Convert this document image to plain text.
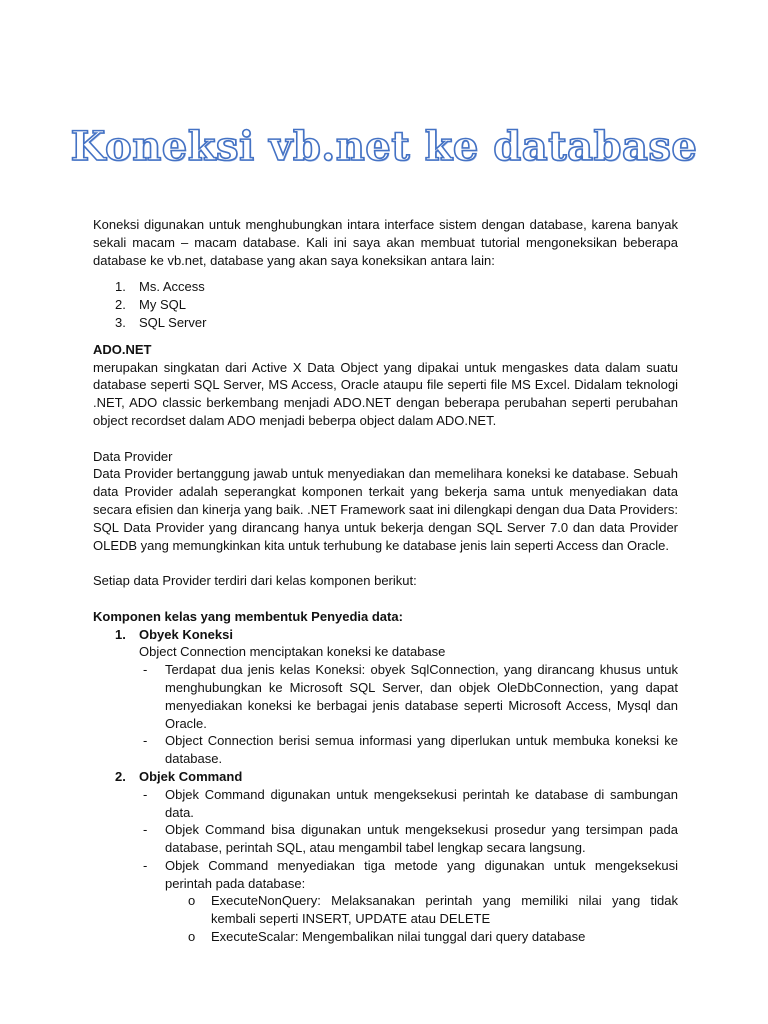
Koneksi vb.net ke database

Koneksi digunakan untuk menghubungkan intara interface sistem dengan database, karena banyak sekali macam – macam database. Kali ini saya akan membuat tutorial mengoneksikan beberapa database ke vb.net, database yang akan saya koneksikan antara lain:

1. Ms. Access
2. My SQL
3. SQL Server
ADO.NET

merupakan singkatan dari Active X Data Object yang dipakai untuk mengaskes data dalam suatu database seperti SQL Server, MS Access, Oracle ataupu file seperti file MS Excel. Didalam teknologi .NET, ADO classic berkembang menjadi ADO.NET dengan beberapa perubahan seperti perubahan object recordset dalam ADO menjadi beberpa object dalam ADO.NET.

Data Provider

Data Provider bertanggung jawab untuk menyediakan dan memelihara koneksi ke database. Sebuah data Provider adalah seperangkat komponen terkait yang bekerja sama untuk menyediakan data secara efisien dan kinerja yang baik. .NET Framework saat ini dilengkapi dengan dua Data Providers: SQL Data Provider yang dirancang hanya untuk bekerja dengan SQL Server 7.0 dan data Provider OLEDB yang memungkinkan kita untuk terhubung ke database jenis lain seperti Access dan Oracle.

Setiap data Provider terdiri dari kelas komponen berikut:

Komponen kelas yang membentuk Penyedia data:
1. Obyek Koneksi
Object Connection menciptakan koneksi ke database
- Terdapat dua jenis kelas Koneksi: obyek SqlConnection, yang dirancang khusus untuk menghubungkan ke Microsoft SQL Server, dan objek OleDbConnection, yang dapat menyediakan koneksi ke berbagai jenis database seperti Microsoft Access, Mysql dan Oracle.
- Object Connection berisi semua informasi yang diperlukan untuk membuka koneksi ke database.
2. Objek Command
- Objek Command digunakan untuk mengeksekusi perintah ke database di sambungan data.
- Objek Command bisa digunakan untuk mengeksekusi prosedur yang tersimpan pada database, perintah SQL, atau mengambil tabel lengkap secara langsung.
- Objek Command menyediakan tiga metode yang digunakan untuk mengeksekusi perintah pada database:
o ExecuteNonQuery: Melaksanakan perintah yang memiliki nilai yang tidak kembali seperti INSERT, UPDATE atau DELETE
o ExecuteScalar: Mengembalikan nilai tunggal dari query database
